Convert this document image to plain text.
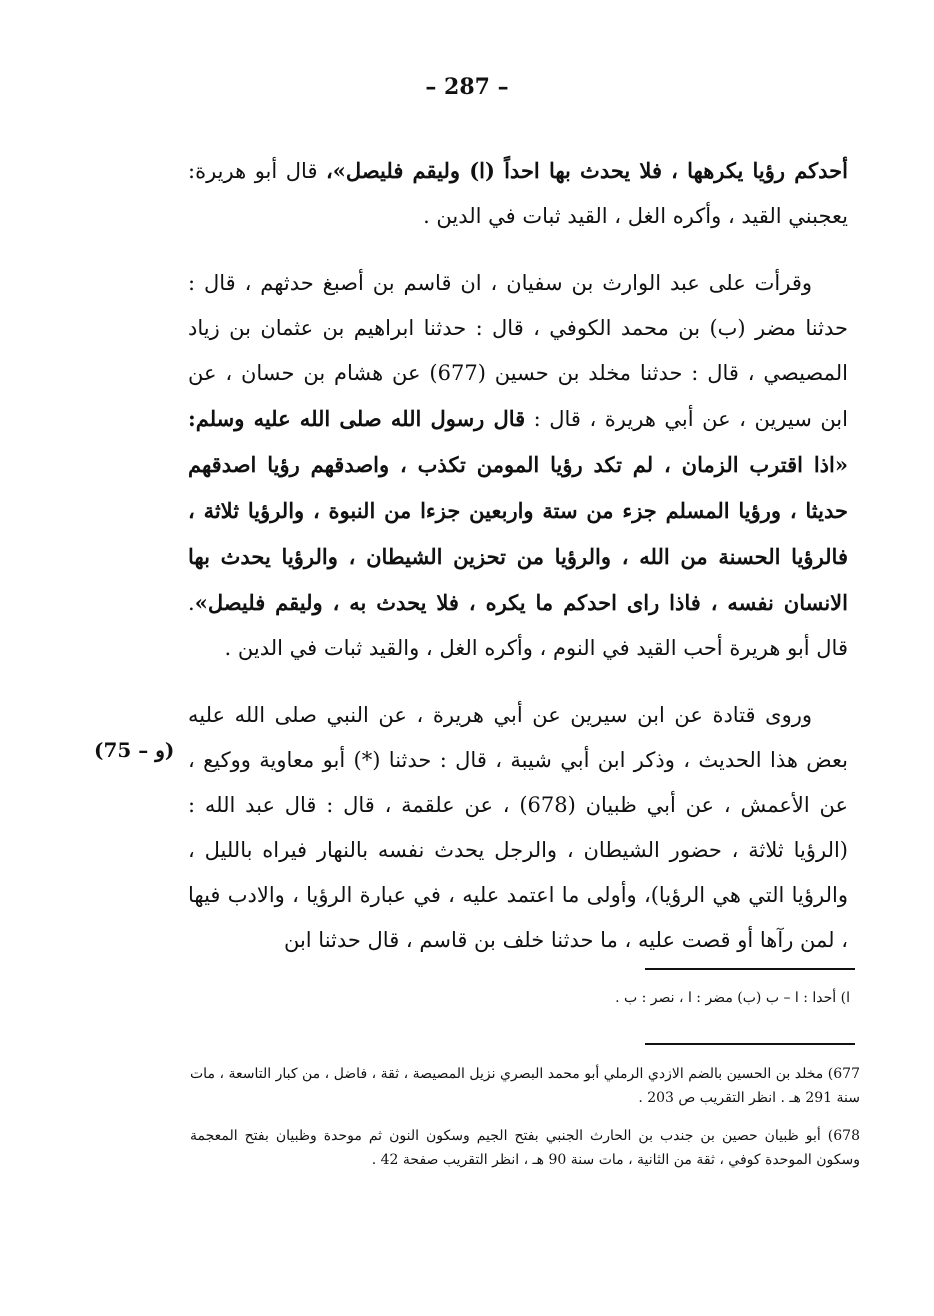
– 287 –

أحدكم رؤيا يكرهها ، فلا يحدث بها احداً (ا) وليقم فليصل»، قال أبو هريرة: يعجبني القيد ، وأكره الغل ، القيد ثبات في الدين .

وقرأت على عبد الوارث بن سفيان ، ان قاسم بن أصبغ حدثهم ، قال : حدثنا مضر (ب) بن محمد الكوفي ، قال : حدثنا ابراهيم بن عثمان بن زياد المصيصي ، قال : حدثنا مخلد بن حسين (677) عن هشام بن حسان ، عن ابن سيرين ، عن أبي هريرة ، قال : قال رسول الله صلى الله عليه وسلم: «اذا اقترب الزمان ، لم تكد رؤيا المومن تكذب ، واصدقهم رؤيا اصدقهم حديثا ، ورؤيا المسلم جزء من ستة واربعين جزءا من النبوة ، والرؤيا ثلاثة ، فالرؤيا الحسنة من الله ، والرؤيا من تحزين الشيطان ، والرؤيا يحدث بها الانسان نفسه ، فاذا راى احدكم ما يكره ، فلا يحدث به ، وليقم فليصل». قال أبو هريرة أحب القيد في النوم ، وأكره الغل ، والقيد ثبات في الدين .

وروى قتادة عن ابن سيرين عن أبي هريرة ، عن النبي صلى الله عليه بعض هذا الحديث ، وذكر ابن أبي شيبة ، قال : حدثنا (*) أبو معاوية ووكيع ، عن الأعمش ، عن أبي ظبيان (678) ، عن علقمة ، قال : قال عبد الله : (الرؤيا ثلاثة ، حضور الشيطان ، والرجل يحدث نفسه بالنهار فيراه بالليل ، والرؤيا التي هي الرؤيا)، وأولى ما اعتمد عليه ، في عبارة الرؤيا ، والادب فيها ، لمن رآها أو قصت عليه ، ما حدثنا خلف بن قاسم ، قال حدثنا ابن

(75 – و)
ا) أحدا : ا – ب (ب) مضر : ا ، نصر : ب .
677) مخلد بن الحسين بالضم الازدي الرملي أبو محمد البصري نزيل المصيصة ، ثقة ، فاضل ، من كبار التاسعة ، مات سنة 291 هـ . انظر التقريب ص 203 .
678) أبو ظبيان حصين بن جندب بن الحارث الجنبي بفتح الجيم وسكون النون ثم موحدة وظبيان بفتح المعجمة وسكون الموحدة كوفي ، ثقة من الثانية ، مات سنة 90 هـ ، انظر التقريب صفحة 42 .
